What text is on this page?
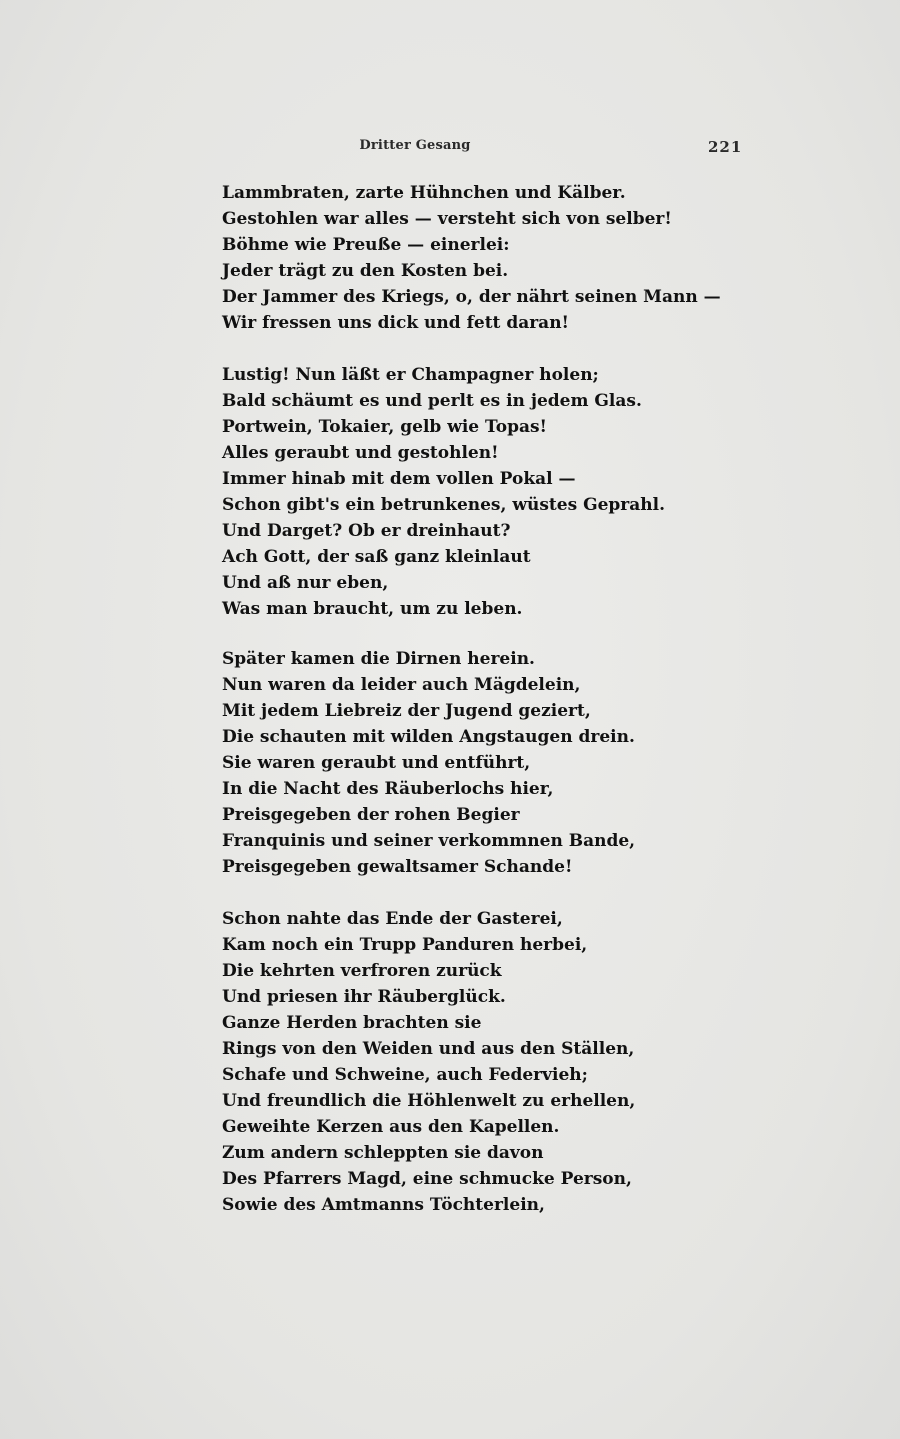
Dritter Gesang	221
Lammbraten, zarte Hühnchen und Kälber.
Gestohlen war alles — versteht sich von selber!
Böhme wie Preuße — einerlei:
Jeder trägt zu den Kosten bei.
Der Jammer des Kriegs, o, der nährt seinen Mann —
Wir fressen uns dick und fett daran!
Lustig! Nun läßt er Champagner holen;
Bald schäumt es und perlt es in jedem Glas.
Portwein, Tokaier, gelb wie Topas!
Alles geraubt und gestohlen!
Immer hinab mit dem vollen Pokal —
Schon gibt's ein betrunkenes, wüstes Geprahl.
Und Darget? Ob er dreinhaut?
Ach Gott, der saß ganz kleinlaut
Und aß nur eben,
Was man braucht, um zu leben.
Später kamen die Dirnen herein.
Nun waren da leider auch Mägdelein,
Mit jedem Liebreiz der Jugend geziert,
Die schauten mit wilden Angstaugen drein.
Sie waren geraubt und entführt,
In die Nacht des Räuberlochs hier,
Preisgegeben der rohen Begier
Franquinis und seiner verkommnen Bande,
Preisgegeben gewaltsamer Schande!
Schon nahte das Ende der Gasterei,
Kam noch ein Trupp Panduren herbei,
Die kehrten verfroren zurück
Und priesen ihr Räuberglück.
Ganze Herden brachten sie
Rings von den Weiden und aus den Ställen,
Schafe und Schweine, auch Federvieh;
Und freundlich die Höhlenwelt zu erhellen,
Geweihte Kerzen aus den Kapellen.
Zum andern schleppten sie davon
Des Pfarrers Magd, eine schmucke Person,
Sowie des Amtmanns Töchterlein,
